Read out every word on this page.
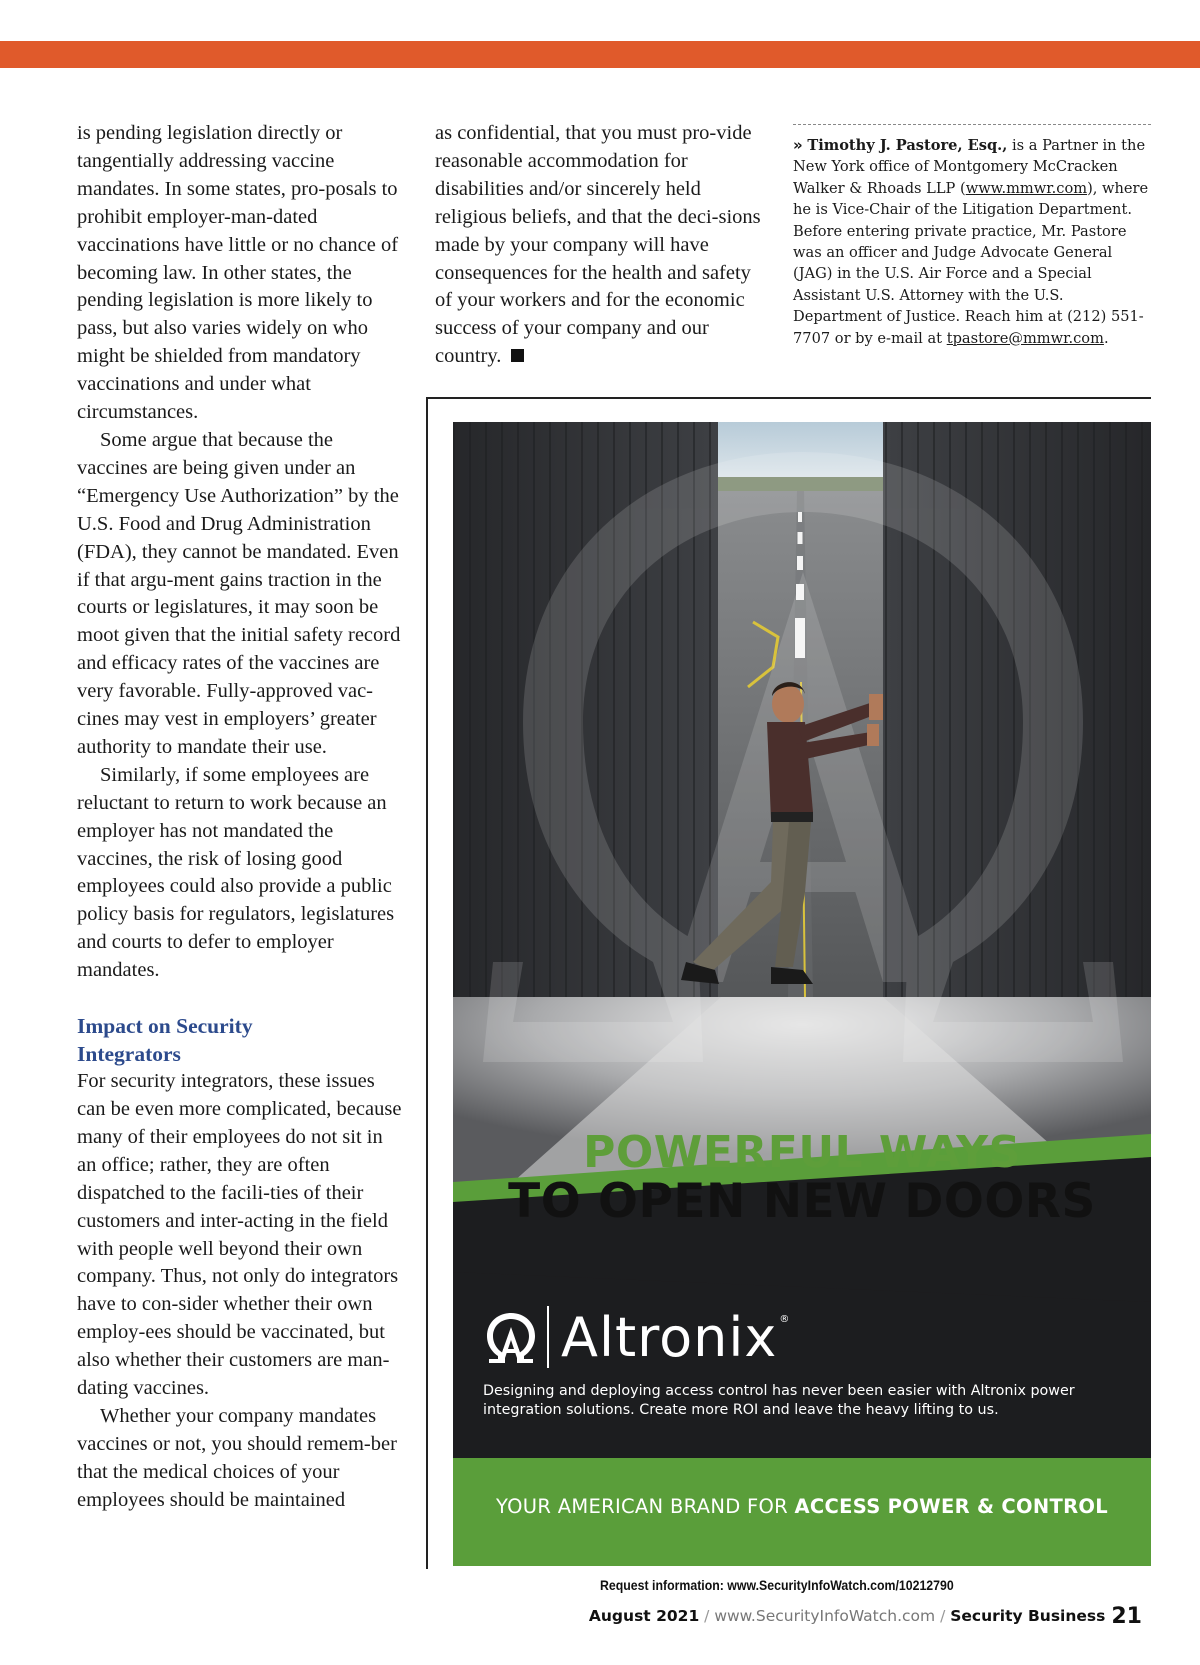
is pending legislation directly or tangentially addressing vaccine mandates. In some states, pro-posals to prohibit employer-man-dated vaccinations have little or no chance of becoming law. In other states, the pending legislation is more likely to pass, but also varies widely on who might be shielded from mandatory vaccinations and under what circumstances.

Some argue that because the vaccines are being given under an “Emergency Use Authorization” by the U.S. Food and Drug Administration (FDA), they cannot be mandated. Even if that argu-ment gains traction in the courts or legislatures, it may soon be moot given that the initial safety record and efficacy rates of the vaccines are very favorable. Fully-approved vac-cines may vest in employers’ greater authority to mandate their use.

Similarly, if some employees are reluctant to return to work because an employer has not mandated the vaccines, the risk of losing good employees could also provide a public policy basis for regulators, legislatures and courts to defer to employer mandates.

Impact on Security
Integrators

For security integrators, these issues can be even more complicated, because many of their employees do not sit in an office; rather, they are often dispatched to the facili-ties of their customers and inter-acting in the field with people well beyond their own company. Thus, not only do integrators have to con-sider whether their own employ-ees should be vaccinated, but also whether their customers are man-dating vaccines.

Whether your company mandates vaccines or not, you should remem-ber that the medical choices of your employees should be maintained

as confidential, that you must pro-vide reasonable accommodation for disabilities and/or sincerely held religious beliefs, and that the deci-sions made by your company will have consequences for the health and safety of your workers and for the economic success of your company and our country.

» Timothy J. Pastore, Esq., is a Partner in the New York office of Montgomery McCracken Walker & Rhoads LLP (www.mmwr.com), where he is Vice-Chair of the Litigation Department. Before entering private practice, Mr. Pastore was an officer and Judge Advocate General (JAG) in the U.S. Air Force and a Special Assistant U.S. Attorney with the U.S. Department of Justice. Reach him at (212) 551-7707 or by e-mail at tpastore@mmwr.com.
POWERFUL WAYS
TO OPEN NEW DOORS
Altronix ®
Designing and deploying access control has never been easier with Altronix power integration solutions. Create more ROI and leave the heavy lifting to us.
YOUR AMERICAN BRAND FOR ACCESS POWER & CONTROL
Request information: www.SecurityInfoWatch.com/10212790
August 2021 / www.SecurityInfoWatch.com / Security Business 21
